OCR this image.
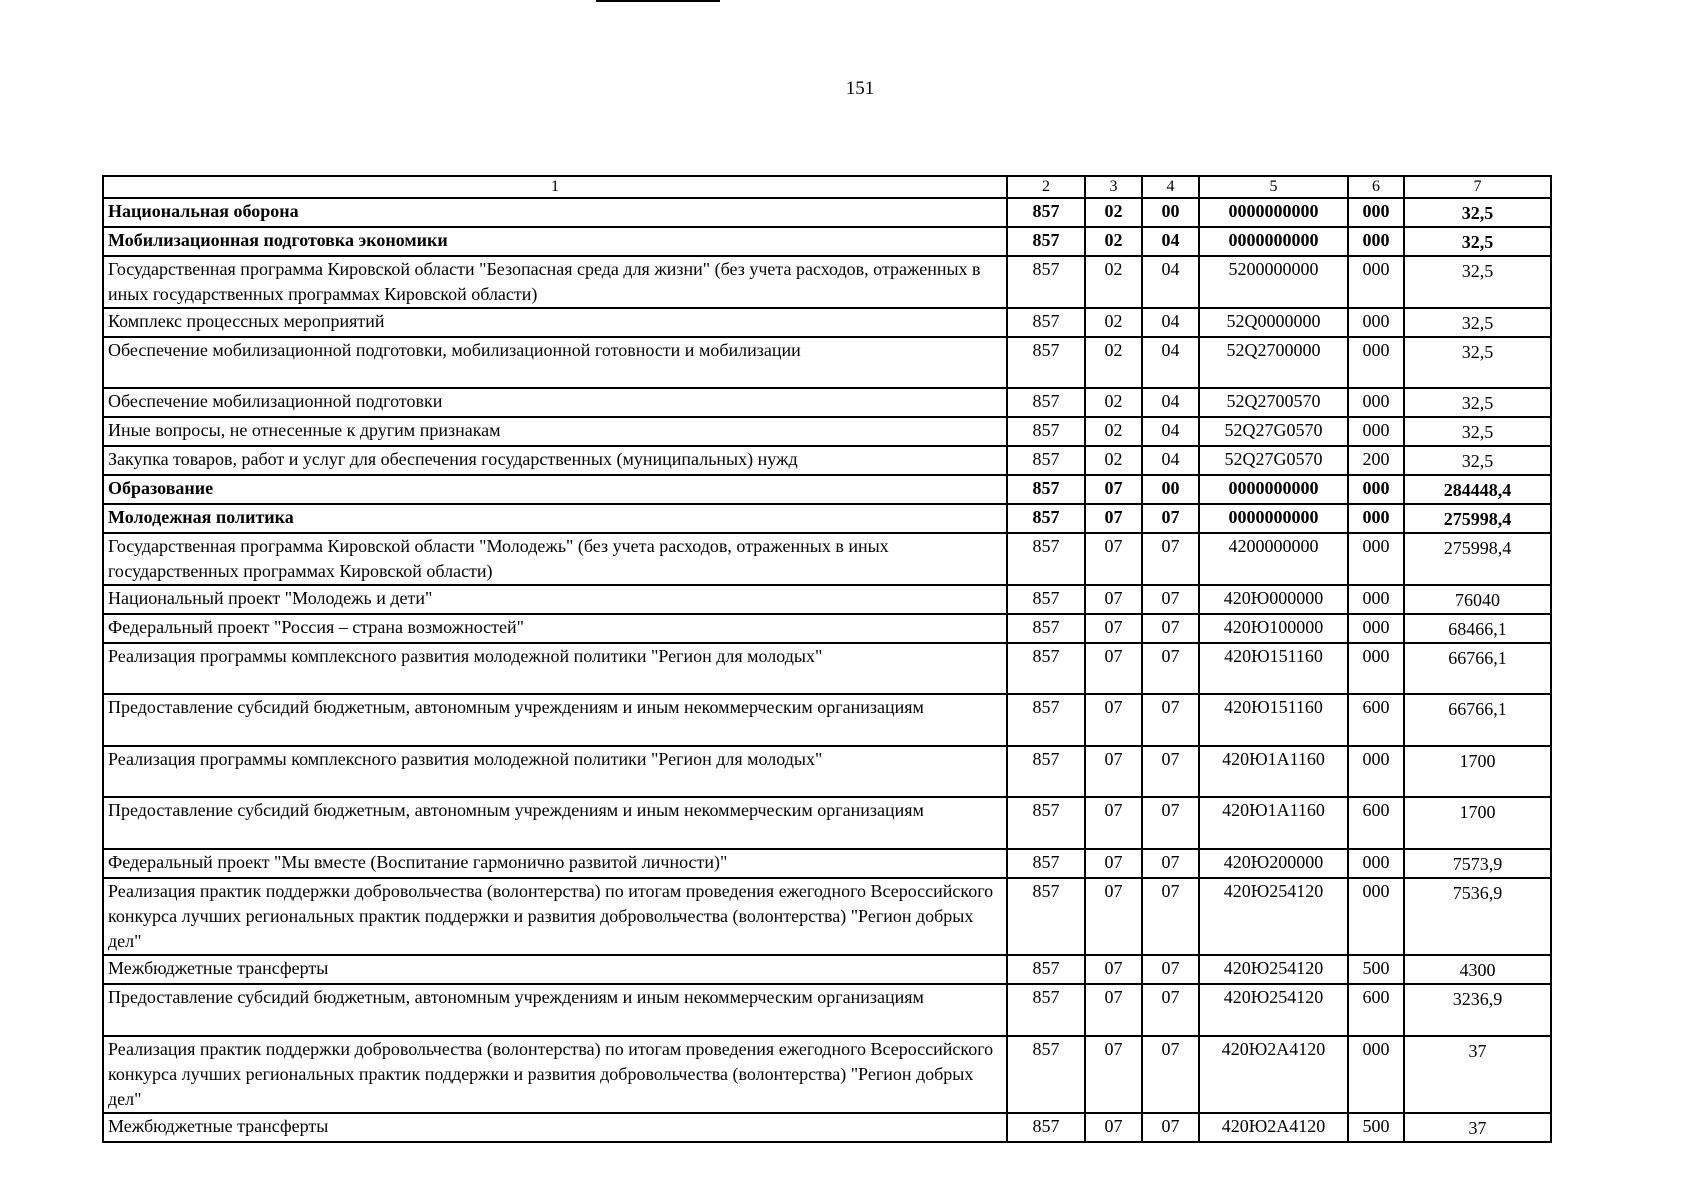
151
1	2	3	4	5	6	7
Национальная оборона	857	02	00	0000000000	000	32,5
Мобилизационная подготовка экономики	857	02	04	0000000000	000	32,5
Государственная программа Кировской области "Безопасная среда для жизни" (без учета расходов, отраженных в иных государственных программах Кировской области)	857	02	04	5200000000	000	32,5
Комплекс процессных мероприятий	857	02	04	52Q0000000	000	32,5
Обеспечение мобилизационной подготовки, мобилизационной готовности и мобилизации	857	02	04	52Q2700000	000	32,5
Обеспечение мобилизационной подготовки	857	02	04	52Q2700570	000	32,5
Иные вопросы, не отнесенные к другим признакам	857	02	04	52Q27G0570	000	32,5
Закупка товаров, работ и услуг для обеспечения государственных (муниципальных) нужд	857	02	04	52Q27G0570	200	32,5
Образование	857	07	00	0000000000	000	284448,4
Молодежная политика	857	07	07	0000000000	000	275998,4
Государственная программа Кировской области "Молодежь" (без учета расходов, отраженных в иных государственных программах Кировской области)	857	07	07	4200000000	000	275998,4
Национальный проект "Молодежь и дети"	857	07	07	420Ю000000	000	76040
Федеральный проект "Россия – страна возможностей"	857	07	07	420Ю100000	000	68466,1
Реализация программы комплексного развития молодежной политики "Регион для молодых"	857	07	07	420Ю151160	000	66766,1
Предоставление субсидий бюджетным, автономным учреждениям и иным некоммерческим организациям	857	07	07	420Ю151160	600	66766,1
Реализация программы комплексного развития молодежной политики "Регион для молодых"	857	07	07	420Ю1А1160	000	1700
Предоставление субсидий бюджетным, автономным учреждениям и иным некоммерческим организациям	857	07	07	420Ю1А1160	600	1700
Федеральный проект "Мы вместе (Воспитание гармонично развитой личности)"	857	07	07	420Ю200000	000	7573,9
Реализация практик поддержки добровольчества (волонтерства) по итогам проведения ежегодного Всероссийского конкурса лучших региональных практик поддержки и развития добровольчества (волонтерства) "Регион добрых дел"	857	07	07	420Ю254120	000	7536,9
Межбюджетные трансферты	857	07	07	420Ю254120	500	4300
Предоставление субсидий бюджетным, автономным учреждениям и иным некоммерческим организациям	857	07	07	420Ю254120	600	3236,9
Реализация практик поддержки добровольчества (волонтерства) по итогам проведения ежегодного Всероссийского конкурса лучших региональных практик поддержки и развития добровольчества (волонтерства) "Регион добрых дел"	857	07	07	420Ю2А4120	000	37
Межбюджетные трансферты	857	07	07	420Ю2А4120	500	37
